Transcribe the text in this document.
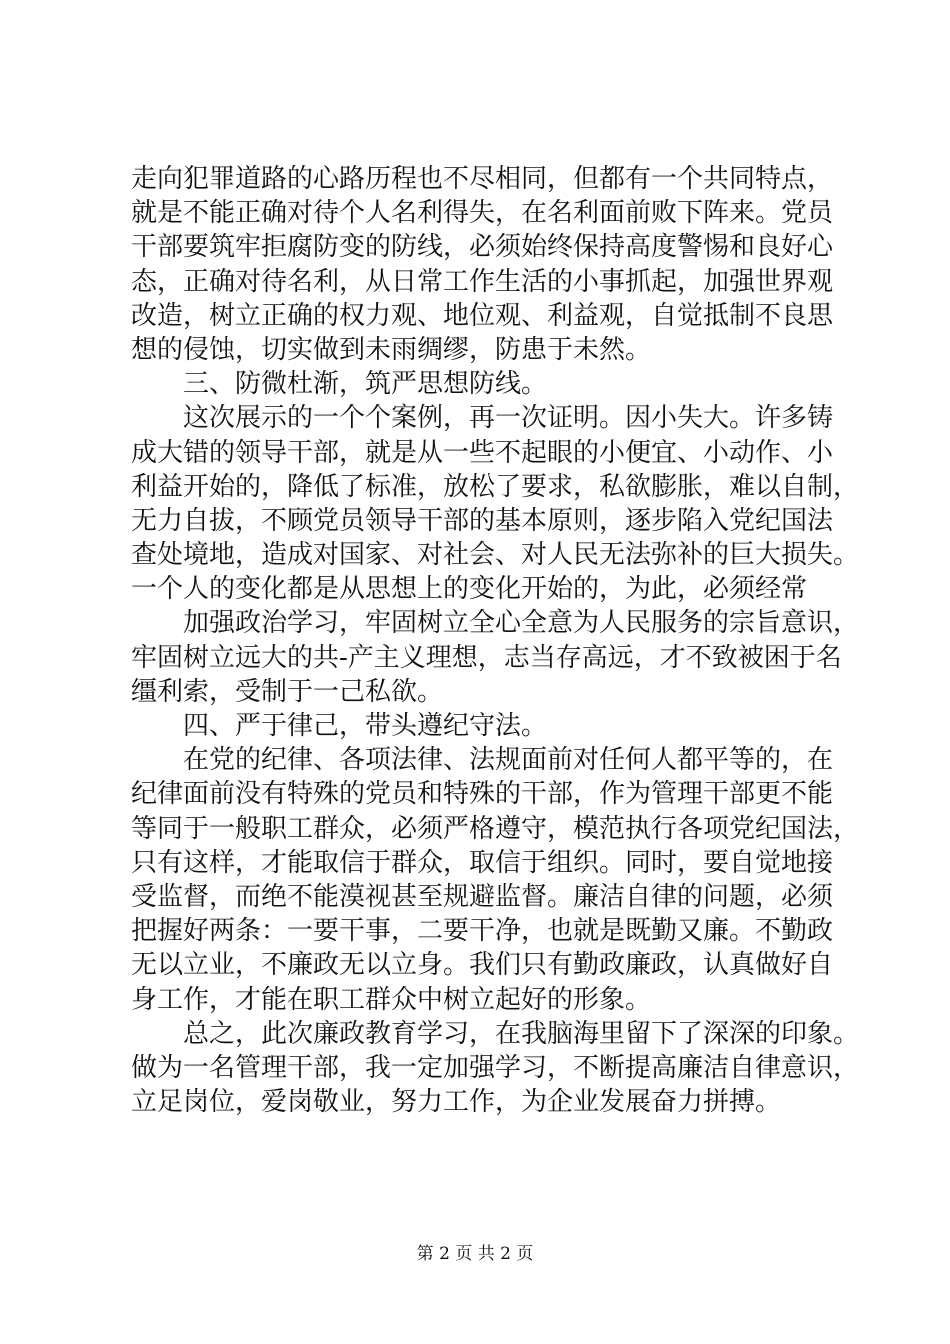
走向犯罪道路的心路历程也不尽相同，但都有一个共同特点，
就是不能正确对待个人名利得失，在名利面前败下阵来。党员
干部要筑牢拒腐防变的防线，必须始终保持高度警惕和良好心
态，正确对待名利，从日常工作生活的小事抓起，加强世界观
改造，树立正确的权力观、地位观、利益观，自觉抵制不良思
想的侵蚀，切实做到未雨绸缪，防患于未然。
三、防微杜渐，筑严思想防线。
这次展示的一个个案例，再一次证明。因小失大。许多铸
成大错的领导干部，就是从一些不起眼的小便宜、小动作、小
利益开始的，降低了标准，放松了要求，私欲膨胀，难以自制，
无力自拔，不顾党员领导干部的基本原则，逐步陷入党纪国法
查处境地，造成对国家、对社会、对人民无法弥补的巨大损失。
一个人的变化都是从思想上的变化开始的，为此，必须经常
加强政治学习，牢固树立全心全意为人民服务的宗旨意识，
牢固树立远大的共-产主义理想，志当存高远，才不致被困于名
缰利索，受制于一己私欲。
四、严于律己，带头遵纪守法。
在党的纪律、各项法律、法规面前对任何人都平等的，在
纪律面前没有特殊的党员和特殊的干部，作为管理干部更不能
等同于一般职工群众，必须严格遵守，模范执行各项党纪国法，
只有这样，才能取信于群众，取信于组织。同时，要自觉地接
受监督，而绝不能漠视甚至规避监督。廉洁自律的问题，必须
把握好两条：一要干事，二要干净，也就是既勤又廉。不勤政
无以立业，不廉政无以立身。我们只有勤政廉政，认真做好自
身工作，才能在职工群众中树立起好的形象。
总之，此次廉政教育学习，在我脑海里留下了深深的印象。
做为一名管理干部，我一定加强学习，不断提高廉洁自律意识，
立足岗位，爱岗敬业，努力工作，为企业发展奋力拼搏。
第 2 页 共 2 页
